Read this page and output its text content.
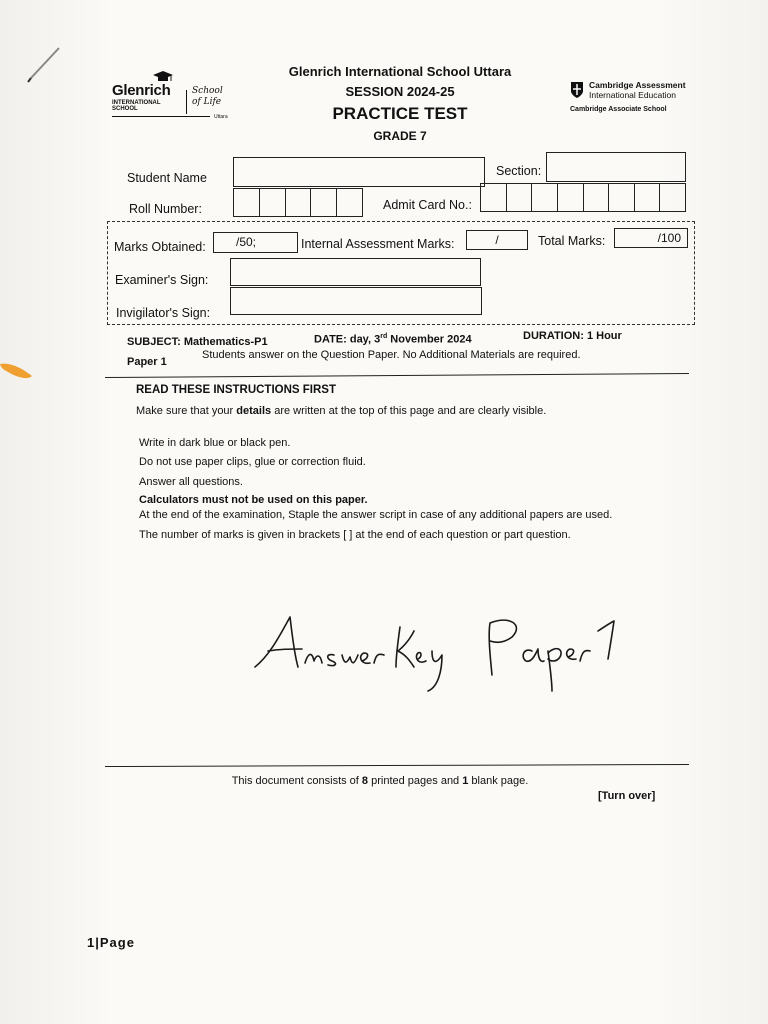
Glenrich
INTERNATIONAL
SCHOOL
School
of Life
Uttara
Glenrich International School Uttara
SESSION 2024-25
PRACTICE TEST
GRADE 7
Cambridge Assessment
International Education
Cambridge Associate School
Student Name	Section:
Roll Number:	Admit Card No.:
Marks Obtained:	/50;	Internal Assessment Marks:	/	Total Marks:	/100
Examiner's Sign:
Invigilator's Sign:
SUBJECT: Mathematics-P1	DATE: day, 3rd November 2024	DURATION: 1 Hour
Paper 1
Students answer on the Question Paper. No Additional Materials are required.
READ THESE INSTRUCTIONS FIRST
Make sure that your details are written at the top of this page and are clearly visible.
Write in dark blue or black pen.
Do not use paper clips, glue or correction fluid.
Answer all questions.
Calculators must not be used on this paper.
At the end of the examination, Staple the answer script in case of any additional papers are used.
The number of marks is given in brackets [ ] at the end of each question or part question.
This document consists of 8 printed pages and 1 blank page.
[Turn over]
1|Page
